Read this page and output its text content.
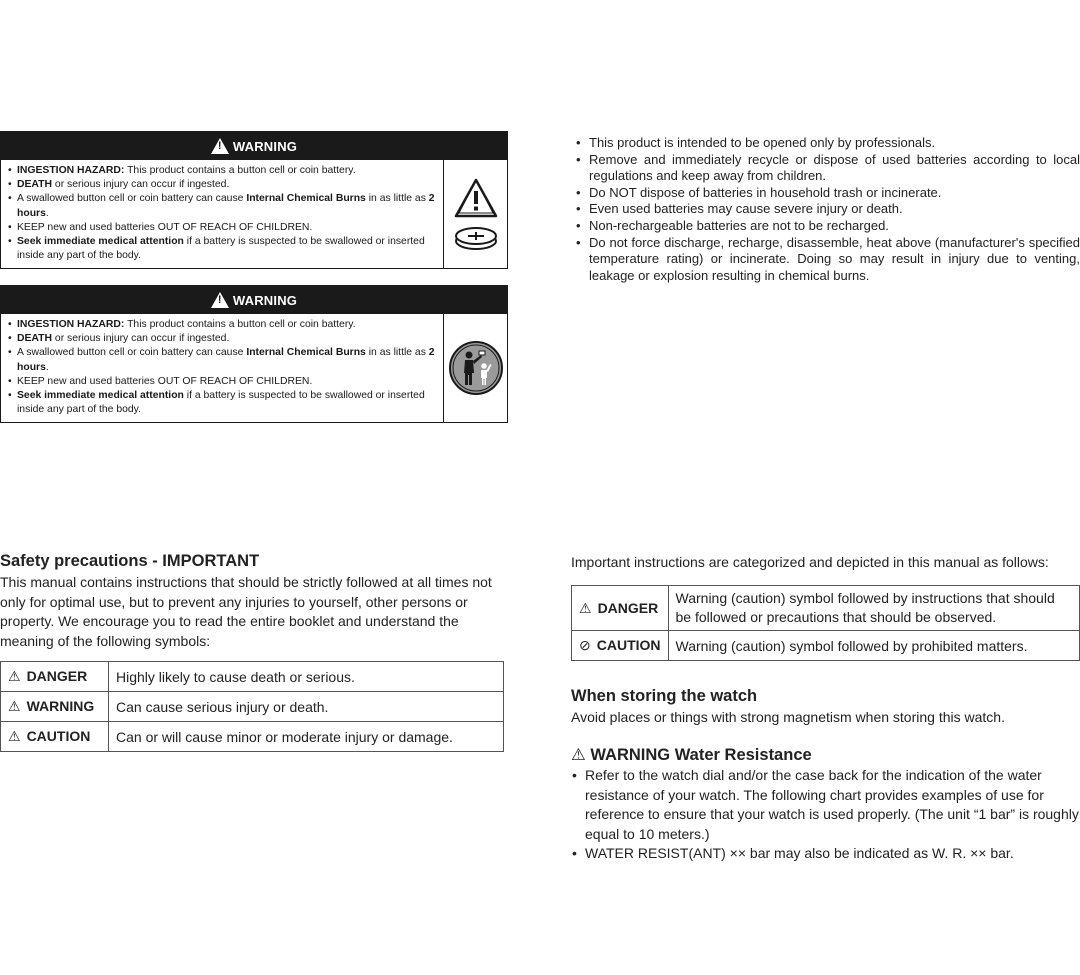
! WARNING
• INGESTION HAZARD: This product contains a button cell or coin battery.
• DEATH or serious injury can occur if ingested.
• A swallowed button cell or coin battery can cause Internal Chemical Burns in as little as 2 hours.
• KEEP new and used batteries OUT OF REACH OF CHILDREN.
• Seek immediate medical attention if a battery is suspected to be swallowed or inserted inside any part of the body.
! WARNING
• INGESTION HAZARD: This product contains a button cell or coin battery.
• DEATH or serious injury can occur if ingested.
• A swallowed button cell or coin battery can cause Internal Chemical Burns in as little as 2 hours.
• KEEP new and used batteries OUT OF REACH OF CHILDREN.
• Seek immediate medical attention if a battery is suspected to be swallowed or inserted inside any part of the body.
• This product is intended to be opened only by professionals.
• Remove and immediately recycle or dispose of used batteries according to local regulations and keep away from children.
• Do NOT dispose of batteries in household trash or incinerate.
• Even used batteries may cause severe injury or death.
• Non-rechargeable batteries are not to be recharged.
• Do not force discharge, recharge, disassemble, heat above (manufacturer's specified temperature rating) or incinerate. Doing so may result in injury due to venting, leakage or explosion resulting in chemical burns.
Safety precautions - IMPORTANT
This manual contains instructions that should be strictly followed at all times not only for optimal use, but to prevent any injuries to yourself, other persons or property. We encourage you to read the entire booklet and understand the meaning of the following symbols:
⚠ DANGER	Highly likely to cause death or serious.
⚠ WARNING	Can cause serious injury or death.
⚠ CAUTION	Can or will cause minor or moderate injury or damage.
Important instructions are categorized and depicted in this manual as follows:
⚠ DANGER	Warning (caution) symbol followed by instructions that should be followed or precautions that should be observed.
⊘ CAUTION	Warning (caution) symbol followed by prohibited matters.
When storing the watch
Avoid places or things with strong magnetism when storing this watch.
⚠ WARNING Water Resistance
• Refer to the watch dial and/or the case back for the indication of the water resistance of your watch. The following chart provides examples of use for reference to ensure that your watch is used properly. (The unit “1 bar” is roughly equal to 10 meters.)
• WATER RESIST(ANT) ×× bar may also be indicated as W. R. ×× bar.
